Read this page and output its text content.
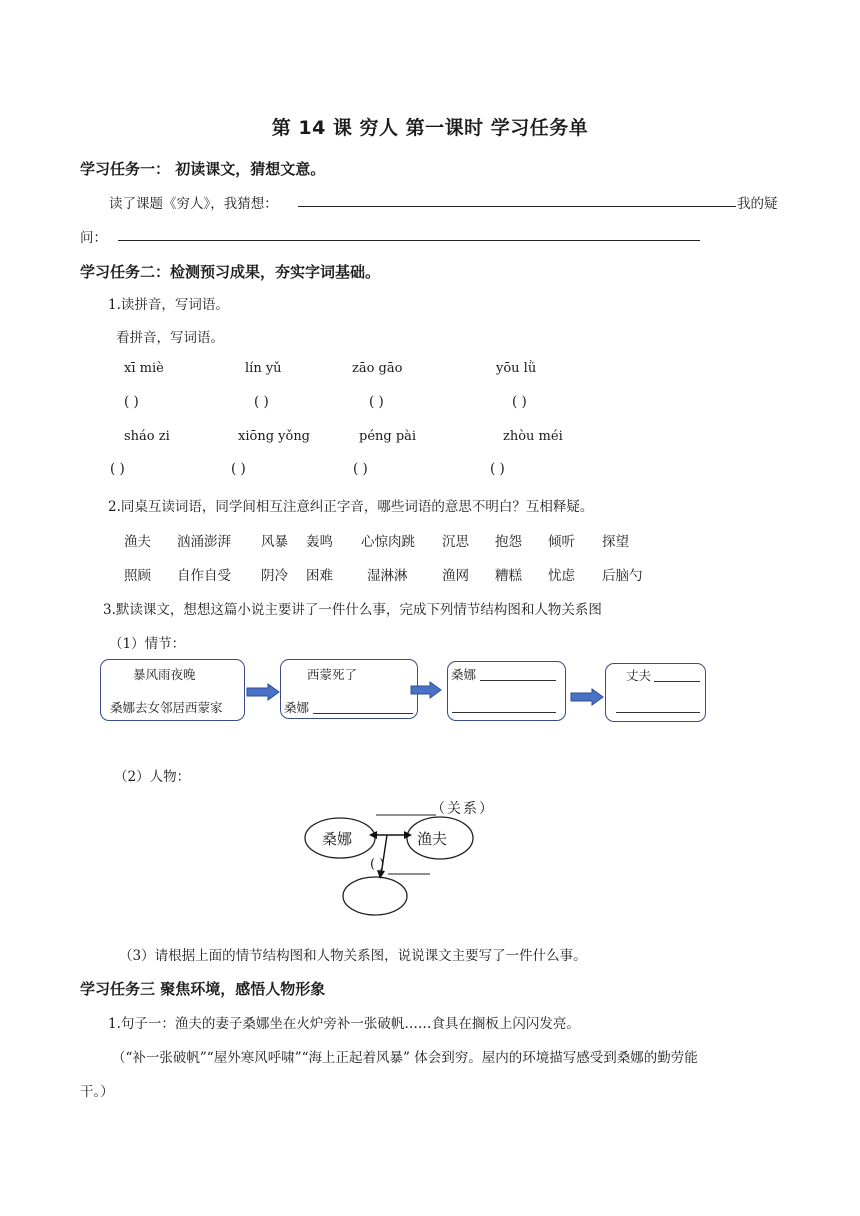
第 14 课 穷人 第一课时 学习任务单
学习任务一： 初读课文，猜想文意。
读了课题《穷人》，我猜想：	我的疑
问：
学习任务二：检测预习成果，夯实字词基础。
1.读拼音，写词语。
看拼音，写词语。
xī miè	lín yǔ	zāo gāo	yōu lǜ
( )	( )	( )	( )
sháo zi	xiōng yǒng	péng pài	zhòu méi
( )	( )	( )	( )
2.同桌互读词语，同学间相互注意纠正字音，哪些词语的意思不明白？互相释疑。
渔夫 汹涌澎湃 风暴 轰鸣 心惊肉跳 沉思 抱怨 倾听 探望
照顾 自作自受 阴冷 困难	湿淋淋	渔网 糟糕 忧虑 后脑勺
3.默读课文，想想这篇小说主要讲了一件什么事，完成下列情节结构图和人物关系图
（1）情节：
暴风雨夜晚
桑娜去女邻居西蒙家
西蒙死了
桑娜
桑娜	丈夫
（2）人物：
（关系）
桑娜	渔夫
( )
（3）请根据上面的情节结构图和人物关系图，说说课文主要写了一件什么事。
学习任务三 聚焦环境，感悟人物形象
1.句子一：渔夫的妻子桑娜坐在火炉旁补一张破帆……食具在搁板上闪闪发亮。
（“补一张破帆”“屋外寒风呼啸”“海上正起着风暴” 体会到穷。屋内的环境描写感受到桑娜的勤劳能
干。）
